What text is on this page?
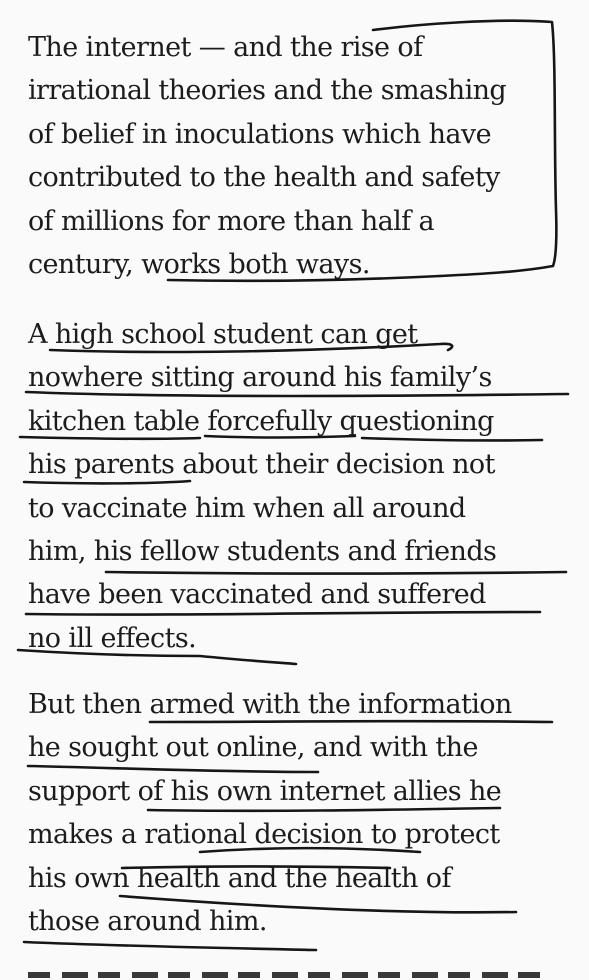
The internet — and the rise of
irrational theories and the smashing
of belief in inoculations which have
contributed to the health and safety
of millions for more than half a
century, works both ways.

A high school student can get
nowhere sitting around his family’s
kitchen table forcefully questioning
his parents about their decision not
to vaccinate him when all around
him, his fellow students and friends
have been vaccinated and suffered
no ill effects.

But then armed with the information
he sought out online, and with the
support of his own internet allies he
makes a rational decision to protect
his own health and the health of
those around him.
